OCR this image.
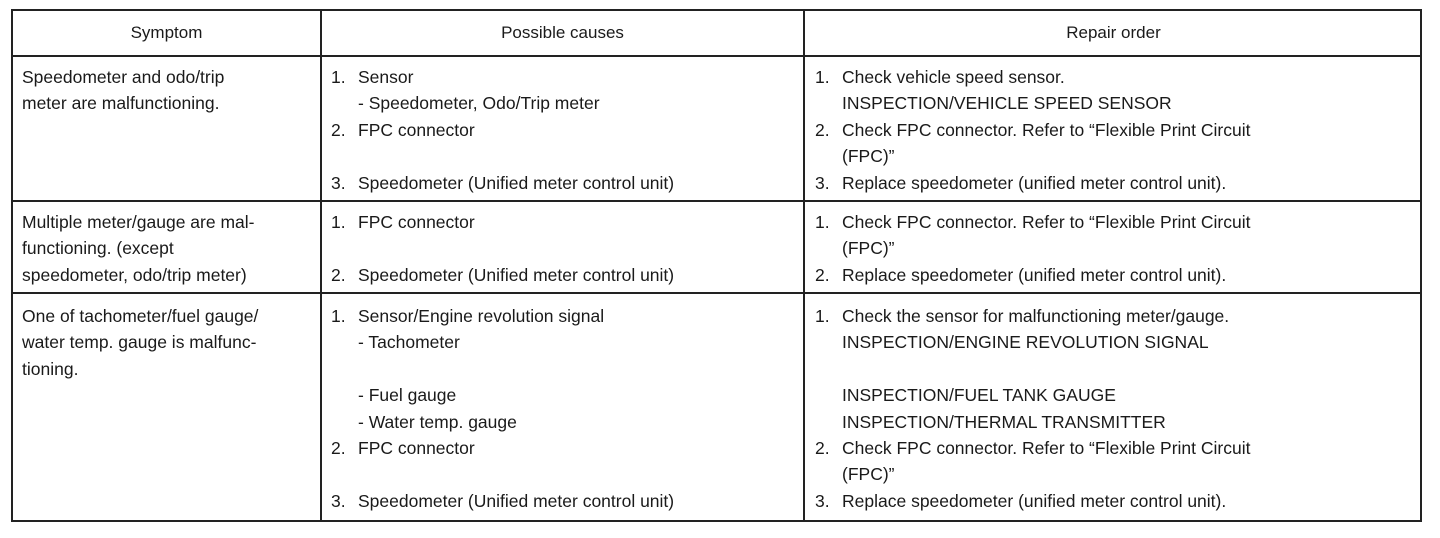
Symptom	Possible causes	Repair order
Speedometer and odo/trip
meter are malfunctioning.
1. Sensor
- Speedometer, Odo/Trip meter
2. FPC connector
3. Speedometer (Unified meter control unit)
1. Check vehicle speed sensor.
INSPECTION/VEHICLE SPEED SENSOR
2. Check FPC connector. Refer to “Flexible Print Circuit
(FPC)”
3. Replace speedometer (unified meter control unit).
Multiple meter/gauge are mal-
functioning. (except
speedometer, odo/trip meter)
1. FPC connector
2. Speedometer (Unified meter control unit)
1. Check FPC connector. Refer to “Flexible Print Circuit
(FPC)”
2. Replace speedometer (unified meter control unit).
One of tachometer/fuel gauge/
water temp. gauge is malfunc-
tioning.
1. Sensor/Engine revolution signal
- Tachometer
- Fuel gauge
- Water temp. gauge
2. FPC connector
3. Speedometer (Unified meter control unit)
1. Check the sensor for malfunctioning meter/gauge.
INSPECTION/ENGINE REVOLUTION SIGNAL
INSPECTION/FUEL TANK GAUGE
INSPECTION/THERMAL TRANSMITTER
2. Check FPC connector. Refer to “Flexible Print Circuit
(FPC)”
3. Replace speedometer (unified meter control unit).
